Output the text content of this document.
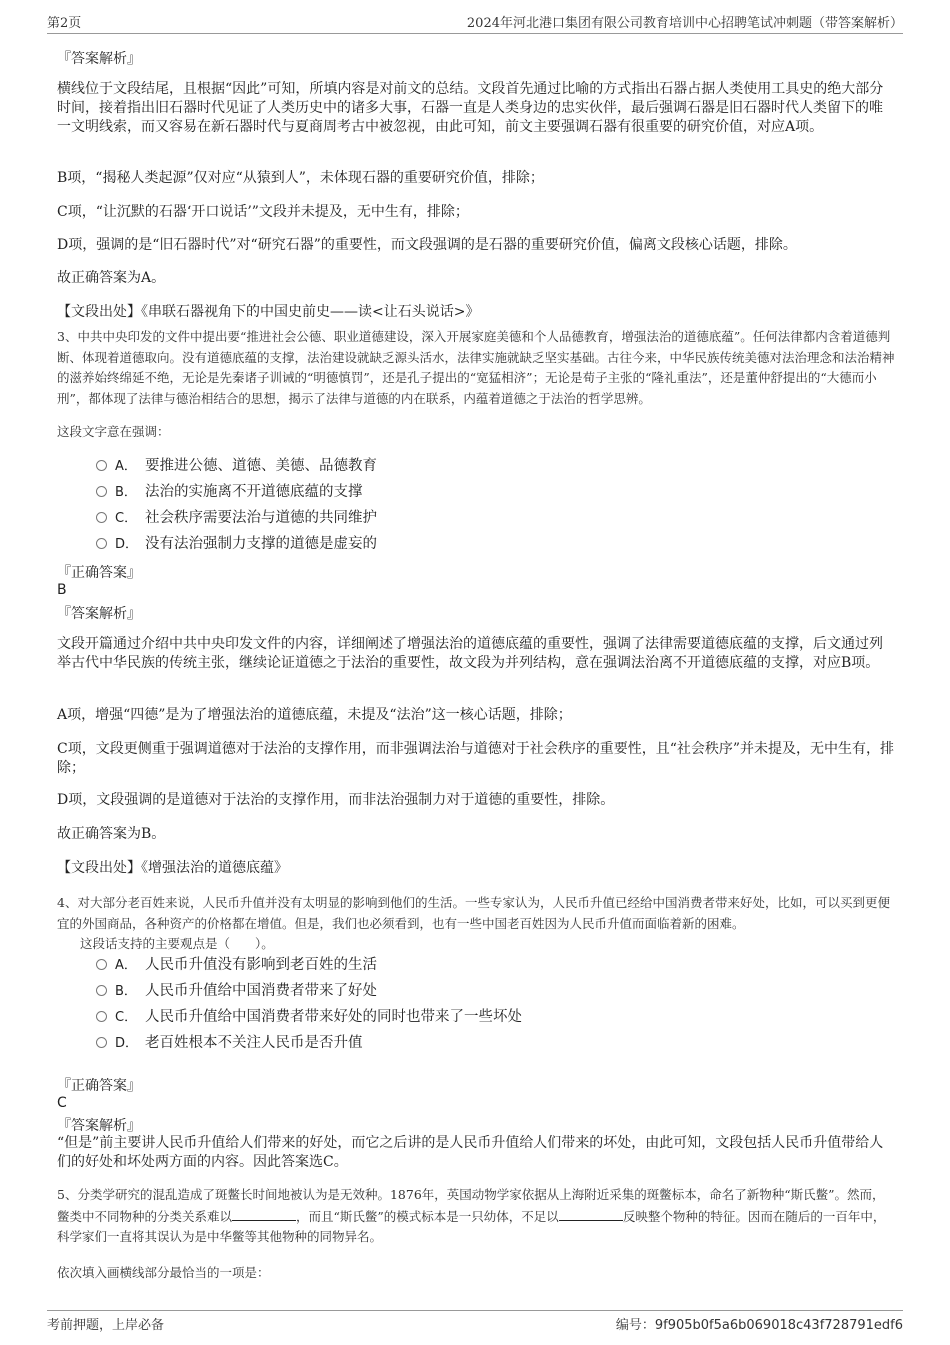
第2页	2024年河北港口集团有限公司教育培训中心招聘笔试冲刺题（带答案解析）
『答案解析』

横线位于文段结尾，且根据“因此”可知，所填内容是对前文的总结。文段首先通过比喻的方式指出石器占据人类使用工具史的绝大部分时间，接着指出旧石器时代见证了人类历史中的诸多大事，石器一直是人类身边的忠实伙伴，最后强调石器是旧石器时代人类留下的唯一文明线索，而又容易在新石器时代与夏商周考古中被忽视，由此可知，前文主要强调石器有很重要的研究价值，对应A项。

B项，“揭秘人类起源”仅对应“从猿到人”，未体现石器的重要研究价值，排除；

C项，“让沉默的石器‘开口说话’”文段并未提及，无中生有，排除；

D项，强调的是“旧石器时代”对“研究石器”的重要性，而文段强调的是石器的重要研究价值，偏离文段核心话题，排除。

故正确答案为A。

【文段出处】《串联石器视角下的中国史前史——读<让石头说话>》

3、中共中央印发的文件中提出要“推进社会公德、职业道德建设，深入开展家庭美德和个人品德教育，增强法治的道德底蕴”。任何法律都内含着道德判断、体现着道德取向。没有道德底蕴的支撑，法治建设就缺乏源头活水，法律实施就缺乏坚实基础。古往今来，中华民族传统美德对法治理念和法治精神的滋养始终绵延不绝，无论是先秦诸子训诫的“明德慎罚”，还是孔子提出的“宽猛相济”；无论是荀子主张的“隆礼重法”，还是董仲舒提出的“大德而小刑”，都体现了法律与德治相结合的思想，揭示了法律与道德的内在联系，内蕴着道德之于法治的哲学思辨。

这段文字意在强调：

A． 要推进公德、道德、美德、品德教育
B． 法治的实施离不开道德底蕴的支撑
C． 社会秩序需要法治与道德的共同维护
D． 没有法治强制力支撑的道德是虚妄的
『正确答案』
B
『答案解析』

文段开篇通过介绍中共中央印发文件的内容，详细阐述了增强法治的道德底蕴的重要性，强调了法律需要道德底蕴的支撑，后文通过列举古代中华民族的传统主张，继续论证道德之于法治的重要性，故文段为并列结构，意在强调法治离不开道德底蕴的支撑，对应B项。

A项，增强“四德”是为了增强法治的道德底蕴，未提及“法治”这一核心话题，排除；

C项，文段更侧重于强调道德对于法治的支撑作用，而非强调法治与道德对于社会秩序的重要性，且“社会秩序”并未提及，无中生有，排除；

D项，文段强调的是道德对于法治的支撑作用，而非法治强制力对于道德的重要性，排除。

故正确答案为B。

【文段出处】《增强法治的道德底蕴》

4、对大部分老百姓来说，人民币升值并没有太明显的影响到他们的生活。一些专家认为，人民币升值已经给中国消费者带来好处，比如，可以买到更便宜的外国商品，各种资产的价格都在增值。但是，我们也必须看到，也有一些中国老百姓因为人民币升值而面临着新的困难。

这段话支持的主要观点是（　　）。

A． 人民币升值没有影响到老百姓的生活
B． 人民币升值给中国消费者带来了好处
C． 人民币升值给中国消费者带来好处的同时也带来了一些坏处
D． 老百姓根本不关注人民币是否升值
『正确答案』
C
『答案解析』

“但是”前主要讲人民币升值给人们带来的好处，而它之后讲的是人民币升值给人们带来的坏处，由此可知，文段包括人民币升值带给人们的好处和坏处两方面的内容。因此答案选C。

5、分类学研究的混乱造成了斑鳖长时间地被认为是无效种。1876年，英国动物学家依据从上海附近采集的斑鳖标本，命名了新物种“斯氏鳖”。然而，鳖类中不同物种的分类关系难以	，而且“斯氏鳖”的模式标本是一只幼体，不足以	反映整个物种的特征。因而在随后的一百年中，科学家们一直将其误认为是中华鳖等其他物种的同物异名。

依次填入画横线部分最恰当的一项是：

考前押题，上岸必备	编号：9f905b0f5a6b069018c43f728791edf6
